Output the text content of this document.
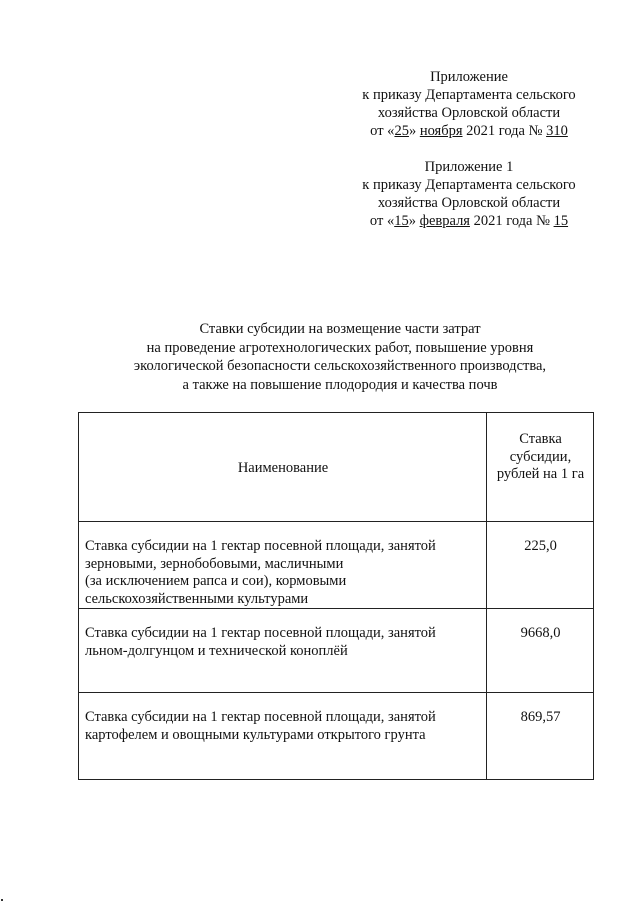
Приложение
к приказу Департамента сельского
хозяйства Орловской области
от «25» ноября 2021 года № 310
Приложение 1
к приказу Департамента сельского
хозяйства Орловской области
от «15» февраля 2021 года № 15
Ставки субсидии на возмещение части затрат
на проведение агротехнологических работ, повышение уровня
экологической безопасности сельскохозяйственного производства,
а также на повышение плодородия и качества почв
Наименование	Ставка
субсидии,
рублей на 1 га

Ставка субсидии на 1 гектар посевной площади, занятой
зерновыми, зернобобовыми, масличными
(за исключением рапса и сои), кормовыми
сельскохозяйственными культурами	225,0

Ставка субсидии на 1 гектар посевной площади, занятой
льном-долгунцом и технической коноплёй	9668,0

Ставка субсидии на 1 гектар посевной площади, занятой
картофелем и овощными культурами открытого грунта	869,57
